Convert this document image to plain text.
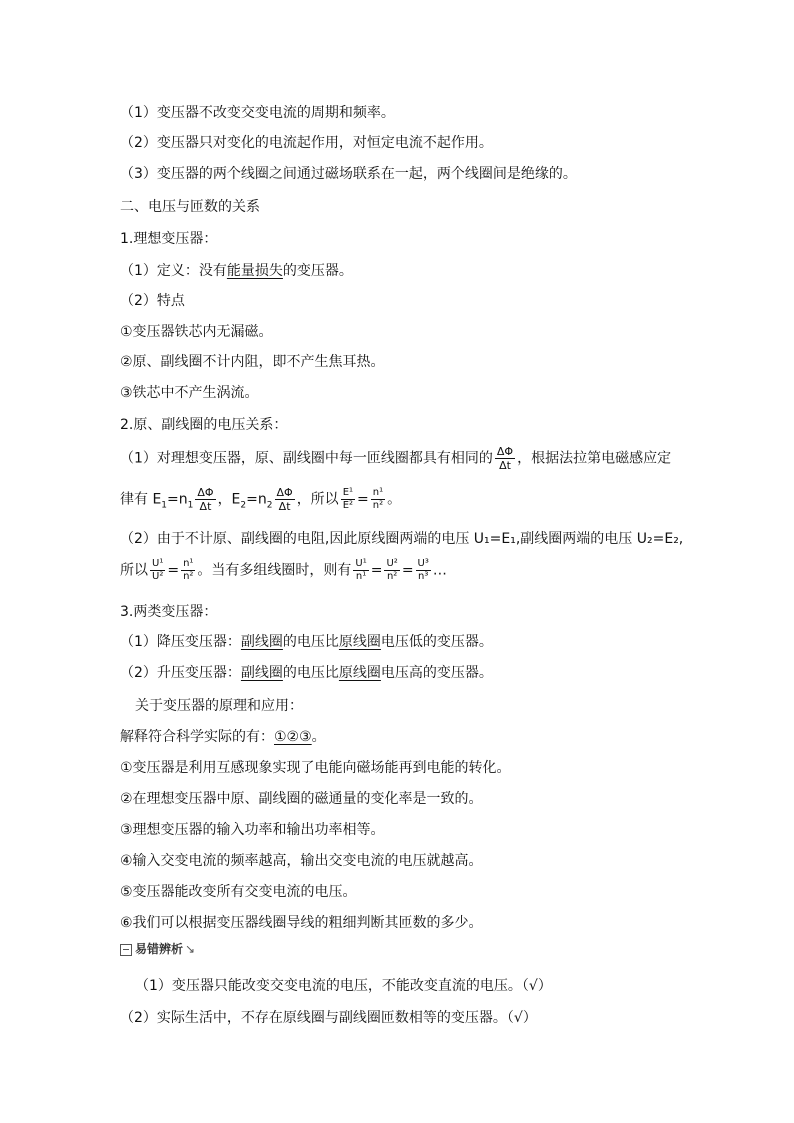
（1）变压器不改变交变电流的周期和频率。
（2）变压器只对变化的电流起作用，对恒定电流不起作用。
（3）变压器的两个线圈之间通过磁场联系在一起，两个线圈间是绝缘的。
二、电压与匝数的关系
1.理想变压器：
（1）定义：没有能量损失的变压器。
（2）特点
①变压器铁芯内无漏磁。
②原、副线圈不计内阻，即不产生焦耳热。
③铁芯中不产生涡流。
2.原、副线圈的电压关系：
（1）对理想变压器，原、副线圈中每一匝线圈都具有相同的 $\frac{\Delta\Phi}{\Delta t}$ ，根据法拉第电磁感应定
律有 $E_1=n_1 \frac{\Delta\Phi}{\Delta t}$ ，$E_2=n_2 \frac{\Delta\Phi}{\Delta t}$ ，所以 $\frac{\text{E¹}}{\text{E²}} = \frac{\text{n¹}}{\text{n²}}$ 。
（2）由于不计原、副线圈的电阻,因此原线圈两端的电压 U₁=E₁,副线圈两端的电压 U₂=E₂,
所以 $\frac{\text{U¹}}{\text{U²}} = \frac{\text{n¹}}{\text{n²}}$ 。当有多组线圈时，则有 $\frac{\text{U¹}}{\text{n¹}} = \frac{\text{U²}}{\text{n²}} = \frac{\text{U³}}{\text{n³}}$ …
3.两类变压器：
（1）降压变压器：副线圈的电压比原线圈电压低的变压器。
（2）升压变压器：副线圈的电压比原线圈电压高的变压器。
关于变压器的原理和应用：
解释符合科学实际的有：①②③。
①变压器是利用互感现象实现了电能向磁场能再到电能的转化。
②在理想变压器中原、副线圈的磁通量的变化率是一致的。
③理想变压器的输入功率和输出功率相等。
④输入交变电流的频率越高，输出交变电流的电压就越高。
⑤变压器能改变所有交变电流的电压。
⑥我们可以根据变压器线圈导线的粗细判断其匝数的多少。
易错辨析 ↘
（1）变压器只能改变交变电流的电压，不能改变直流的电压。（√）
（2）实际生活中，不存在原线圈与副线圈匝数相等的变压器。（√）
